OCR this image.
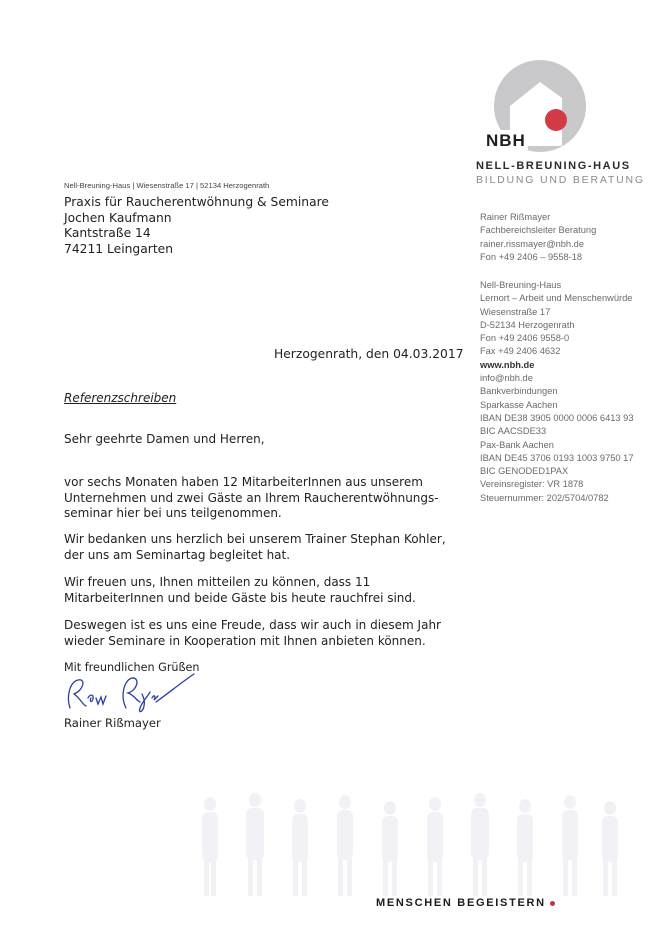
NBH
NELL-BREUNING-HAUS
BILDUNG UND BERATUNG
Nell-Breuning-Haus | Wiesenstraße 17 | 52134 Herzogenrath
Praxis für Raucherentwöhnung & Seminare
Jochen Kaufmann
Kantstraße 14
74211 Leingarten
Rainer Rißmayer
Fachbereichsleiter Beratung
rainer.rissmayer@nbh.de
Fon +49 2406 – 9558-18
Nell-Breuning-Haus
Lernort – Arbeit und Menschenwürde
Wiesenstraße 17
D-52134 Herzogenrath
Fon +49 2406 9558-0
Fax +49 2406 4632
www.nbh.de
info@nbh.de
Bankverbindungen
Sparkasse Aachen
IBAN DE38 3905 0000 0006 6413 93
BIC AACSDE33
Pax-Bank Aachen
IBAN DE45 3706 0193 1003 9750 17
BIC GENODED1PAX
Vereinsregister: VR 1878
Steuernummer: 202/5704/0782
Herzogenrath, den 04.03.2017
Referenzschreiben
Sehr geehrte Damen und Herren,
vor sechs Monaten haben 12 MitarbeiterInnen aus unserem
Unternehmen und zwei Gäste an Ihrem Raucherentwöhnungs-
seminar hier bei uns teilgenommen.
Wir bedanken uns herzlich bei unserem Trainer Stephan Kohler,
der uns am Seminartag begleitet hat.
Wir freuen uns, Ihnen mitteilen zu können, dass 11
MitarbeiterInnen und beide Gäste bis heute rauchfrei sind.
Deswegen ist es uns eine Freude, dass wir auch in diesem Jahr
wieder Seminare in Kooperation mit Ihnen anbieten können.
Mit freundlichen Grüßen
Rainer Rißmayer
MENSCHEN BEGEISTERN
